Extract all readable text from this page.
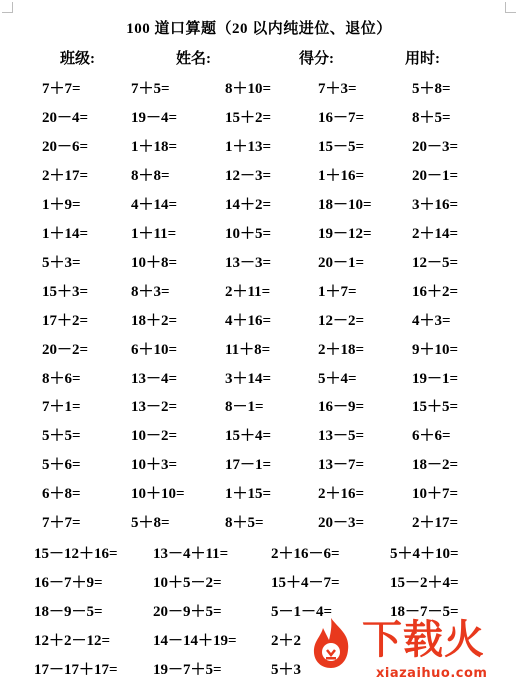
100 道口算题（20 以内纯进位、退位）
班级:	姓名:	得分:	用时:
7＋7=	7＋5=	8＋10=	7＋3=	5＋8=
20－4=	19－4=	15＋2=	16－7=	8＋5=
20－6=	1＋18=	1＋13=	15－5=	20－3=
2＋17=	8＋8=	12－3=	1＋16=	20－1=
1＋9=	4＋14=	14＋2=	18－10=	3＋16=
1＋14=	1＋11=	10＋5=	19－12=	2＋14=
5＋3=	10＋8=	13－3=	20－1=	12－5=
15＋3=	8＋3=	2＋11=	1＋7=	16＋2=
17＋2=	18＋2=	4＋16=	12－2=	4＋3=
20－2=	6＋10=	11＋8=	2＋18=	9＋10=
8＋6=	13－4=	3＋14=	5＋4=	19－1=
7＋1=	13－2=	8－1=	16－9=	15＋5=
5＋5=	10－2=	15＋4=	13－5=	6＋6=
5＋6=	10＋3=	17－1=	13－7=	18－2=
6＋8=	10＋10=	1＋15=	2＋16=	10＋7=
7＋7=	5＋8=	8＋5=	20－3=	2＋17=
15－12＋16= 13－4＋11=	2＋16－6=	5＋4＋10=
16－7＋9=	10＋5－2=	15＋4－7=	15－2＋4=
18－9－5=	20－9＋5=	5－1－4=	18－7－5=
12＋2－12=	14－14＋19= 2＋2
17－17＋17= 19－7＋5=	5＋3
下载火
xiazaihuo.com
